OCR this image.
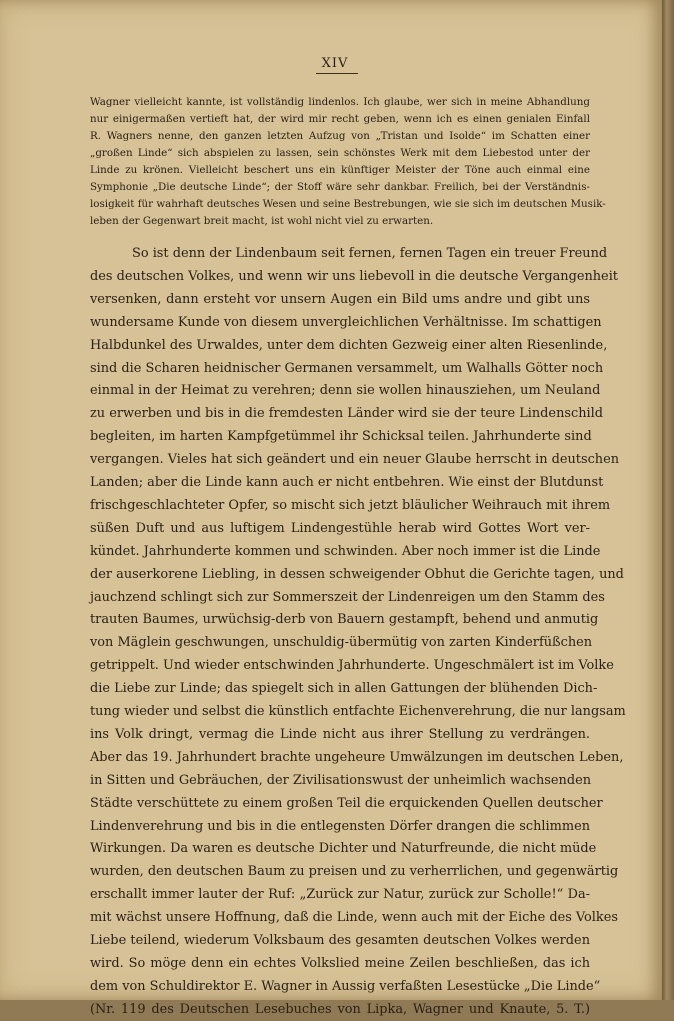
XIV
Wagner vielleicht kannte, ist vollständig lindenlos. Ich glaube, wer sich in meine Abhandlung
nur einigermaßen vertieft hat, der wird mir recht geben, wenn ich es einen genialen Einfall
R. Wagners nenne, den ganzen letzten Aufzug von „Tristan und Isolde“ im Schatten einer
„großen Linde“ sich abspielen zu lassen, sein schönstes Werk mit dem Liebestod unter der
Linde zu krönen. Vielleicht beschert uns ein künftiger Meister der Töne auch einmal eine
Symphonie „Die deutsche Linde“; der Stoff wäre sehr dankbar. Freilich, bei der Verständnis-
losigkeit für wahrhaft deutsches Wesen und seine Bestrebungen, wie sie sich im deutschen Musik-
leben der Gegenwart breit macht, ist wohl nicht viel zu erwarten.
So ist denn der Lindenbaum seit fernen, fernen Tagen ein treuer Freund
des deutschen Volkes, und wenn wir uns liebevoll in die deutsche Vergangenheit
versenken, dann ersteht vor unsern Augen ein Bild ums andre und gibt uns
wundersame Kunde von diesem unvergleichlichen Verhältnisse. Im schattigen
Halbdunkel des Urwaldes, unter dem dichten Gezweig einer alten Riesenlinde,
sind die Scharen heidnischer Germanen versammelt, um Walhalls Götter noch
einmal in der Heimat zu verehren; denn sie wollen hinausziehen, um Neuland
zu erwerben und bis in die fremdesten Länder wird sie der teure Lindenschild
begleiten, im harten Kampfgetümmel ihr Schicksal teilen. Jahrhunderte sind
vergangen. Vieles hat sich geändert und ein neuer Glaube herrscht in deutschen
Landen; aber die Linde kann auch er nicht entbehren. Wie einst der Blutdunst
frischgeschlachteter Opfer, so mischt sich jetzt bläulicher Weihrauch mit ihrem
süßen Duft und aus luftigem Lindengestühle herab wird Gottes Wort ver-
kündet. Jahrhunderte kommen und schwinden. Aber noch immer ist die Linde
der auserkorene Liebling, in dessen schweigender Obhut die Gerichte tagen, und
jauchzend schlingt sich zur Sommerszeit der Lindenreigen um den Stamm des
trauten Baumes, urwüchsig-derb von Bauern gestampft, behend und anmutig
von Mäglein geschwungen, unschuldig-übermütig von zarten Kinderfüßchen
getrippelt. Und wieder entschwinden Jahrhunderte. Ungeschmälert ist im Volke
die Liebe zur Linde; das spiegelt sich in allen Gattungen der blühenden Dich-
tung wieder und selbst die künstlich entfachte Eichenverehrung, die nur langsam
ins Volk dringt, vermag die Linde nicht aus ihrer Stellung zu verdrängen.
Aber das 19. Jahrhundert brachte ungeheure Umwälzungen im deutschen Leben,
in Sitten und Gebräuchen, der Zivilisationswust der unheimlich wachsenden
Städte verschüttete zu einem großen Teil die erquickenden Quellen deutscher
Lindenverehrung und bis in die entlegensten Dörfer drangen die schlimmen
Wirkungen. Da waren es deutsche Dichter und Naturfreunde, die nicht müde
wurden, den deutschen Baum zu preisen und zu verherrlichen, und gegenwärtig
erschallt immer lauter der Ruf: „Zurück zur Natur, zurück zur Scholle!“ Da-
mit wächst unsere Hoffnung, daß die Linde, wenn auch mit der Eiche des Volkes
Liebe teilend, wiederum Volksbaum des gesamten deutschen Volkes werden
wird. So möge denn ein echtes Volkslied meine Zeilen beschließen, das ich
dem von Schuldirektor E. Wagner in Aussig verfaßten Lesestücke „Die Linde“
(Nr. 119 des Deutschen Lesebuches von Lipka, Wagner und Knaute, 5. T.)
